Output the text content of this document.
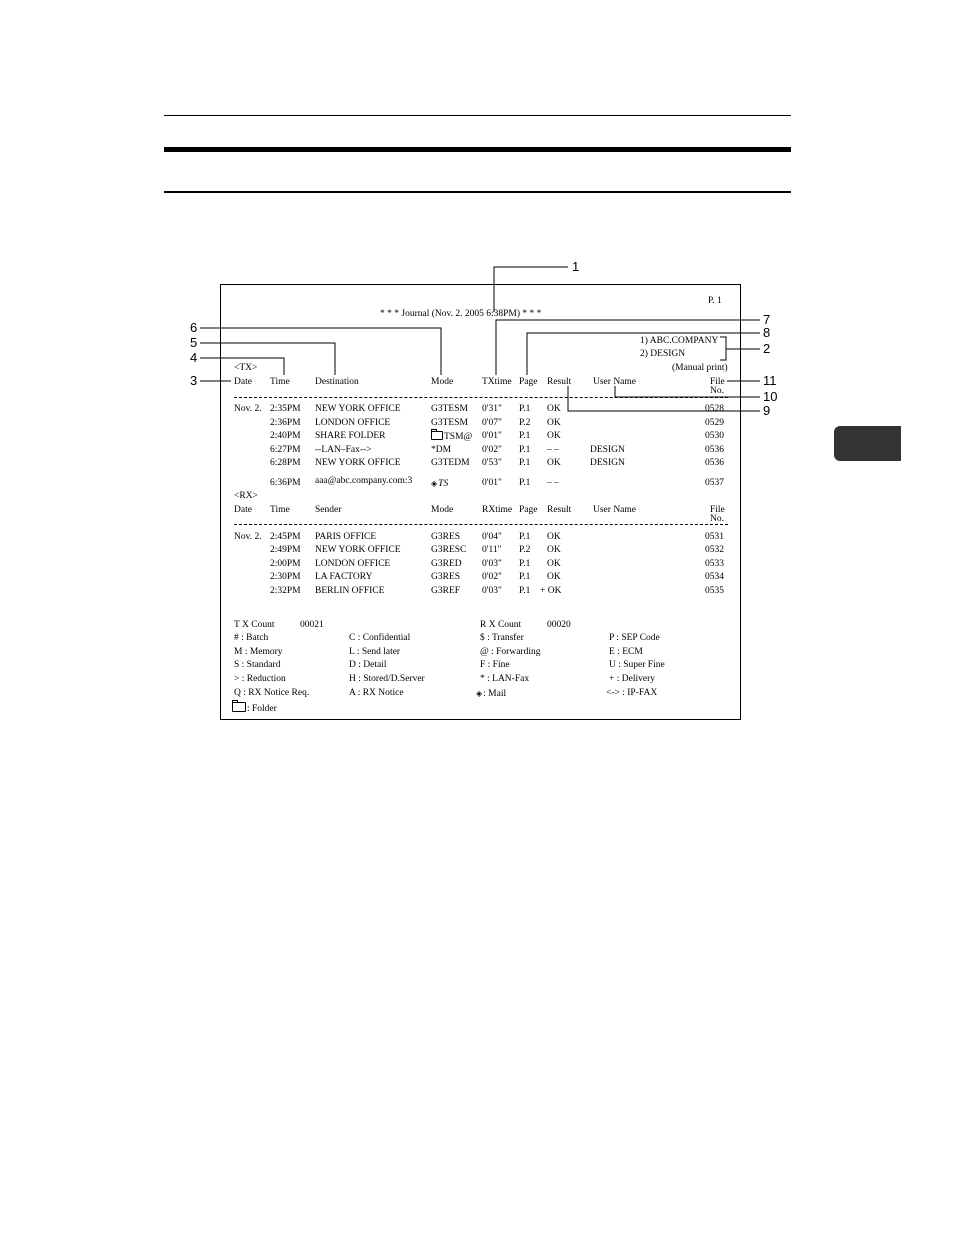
P. 1
* * * Journal (Nov. 2. 2005 6:38PM) * * *
1) ABC.COMPANY
2) DESIGN
(Manual print)
<TX>
Date Time	Destination	Mode	TXtime Page Result User Name	File
No.
Nov. 2. 2:35PM NEW YORK OFFICE	G3TESM 0'31" P.1 OK	0528
2:36PM LONDON OFFICE	G3TESM 0'07" P.2 OK	0529
2:40PM SHARE FOLDER	TSM@ 0'01" P.1 OK	0530
6:27PM --LAN–Fax-->	*DM	0'02" P.1 – –	DESIGN	0536
6:28PM NEW YORK OFFICE	G3TEDM 0'53" P.1 OK	DESIGN	0536
6:36PM aaa@abc.company.com:3 ◈TS	0'01" P.1 – –	0537
<RX>
Date Time	Sender	Mode	RXtime Page Result User Name	File
No.
Nov. 2. 2:45PM PARIS OFFICE	G3RES 0'04" P.1 OK	0531
2:49PM NEW YORK OFFICE	G3RESC 0'11" P.2 OK	0532
2:00PM LONDON OFFICE	G3RED 0'03" P.1 OK	0533
2:30PM LA FACTORY	G3RES 0'02" P.1 OK	0534
2:32PM BERLIN OFFICE	G3REF 0'03" P.1 + OK	0535
T X Count	00021	R X Count	00020
# : Batch	C : Confidential	$ : Transfer	P : SEP Code
M : Memory	L : Send later	@ : Forwarding	E : ECM
S : Standard	D : Detail	F : Fine	U : Super Fine
> : Reduction	H : Stored/D.Server	* : LAN-Fax	+ : Delivery
Q : RX Notice Req.	A : RX Notice	◈: Mail	<-> : IP-FAX
: Folder
1
2
3
4
5
6
7
8
9
10
11
